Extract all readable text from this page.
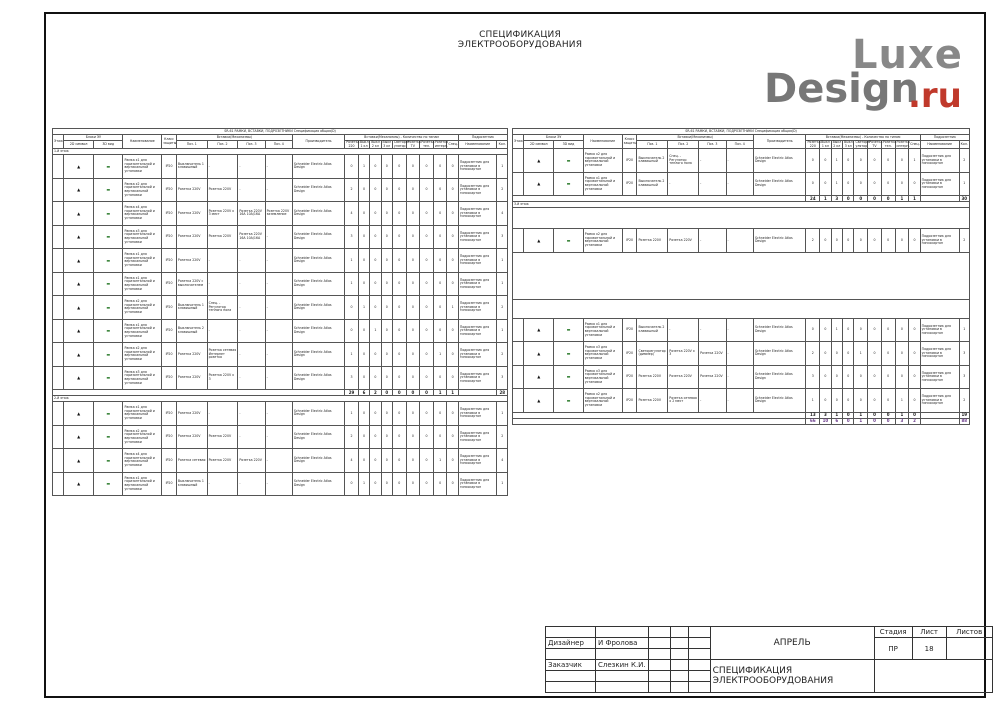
СПЕЦИФИКАЦИЯ
ЭЛЕКТРООБОРУДОВАНИЯ	Luxe
Design
.ru
SR-61 РАМКИ, ВСТАВКИ, ПОДРОЗЕТНИКИ Спецификация общая(D)																				
Этаж	Блоки ЭУ		Наименование	Класс защиты	Вставки(Механизмы)				Производитель	Вставки(Механизмы) - Количество по типам									Подрозетник	
	2D символ	3D вид			Поз. 1	Поз. 2	Поз. 3	Поз. 4		Розетка 220	Выкл 1 кл	Выкл 2 кл	Выкл 3 кл	Светорег улятор	Розетка TV	Розетка тел.	Розетка интерн.	Спец.	Наименование	Кол.
1-й этаж																				
	▲	▬	Рамка х1 для горизонтальной и вертикальной установки	IP20	Выключатель 1 клавишный	-	-	-	Schneider Electric Atlas Design	0	1	0	0	0	0	0	0	0	Подрозетник для установки в гипсокартон	1
	▲	▬	Рамка х2 для горизонтальной и вертикальной установки	IP20	Розетка 220V	Розетка 220V	-	-	Schneider Electric Atlas Design	2	0	0	0	0	0	0	0	0	Подрозетник для установки в гипсокартон	2
	▲	▬	Рамка х4 для горизонтальной и вертикальной установки	IP20	Розетка 220V	Розетка 220V х 3 мест	Розетка 220V 16А 10А/16А	Розетка 220V заземление	Schneider Electric Atlas Design	4	0	0	0	0	0	0	0	0	Подрозетник для установки в гипсокартон	4
	▲	▬	Рамка х3 для горизонтальной и вертикальной установки	IP20	Розетка 220V	Розетка 220V	Розетка 220V 16А 10А/16А	-	Schneider Electric Atlas Design	3	0	0	0	0	0	0	0	0	Подрозетник для установки в гипсокартон	3
	▲	▬	Рамка х1 для горизонтальной и вертикальной установки	IP20	Розетка 220V	-	-	-	Schneider Electric Atlas Design	1	0	0	0	0	0	0	0	0	Подрозетник для установки в гипсокартон	1
	▲	▬	Рамка х1 для горизонтальной и вертикальной установки	IP20	Розетка 220V с выключателем	-	-	-	Schneider Electric Atlas Design	1	0	0	0	0	0	0	0	0	Подрозетник для установки в гипсокартон	1
	▲	▬	Рамка х2 для горизонтальной и вертикальной установки	IP20	Выключатель 1 клавишный	Спец. - Регулятор теплого пола	-	-	Schneider Electric Atlas Design	0	1	0	0	0	0	0	0	1	Подрозетник для установки в гипсокартон	2
	▲	▬	Рамка х1 для горизонтальной и вертикальной установки	IP20	Выключатель 2 клавишный	-	-	-	Schneider Electric Atlas Design	0	0	1	0	0	0	0	0	0	Подрозетник для установки в гипсокартон	1
	▲	▬	Рамка х2 для горизонтальной и вертикальной установки	IP20	Розетка 220V	Розетка сетевая Интернет розетка	-	-	Schneider Electric Atlas Design	1	0	0	0	0	0	0	1	0	Подрозетник для установки в гипсокартон	2
	▲	▬	Рамка х3 для горизонтальной и вертикальной установки	IP20	Розетка 220V	Розетка 220V х 3	-	-	Schneider Electric Atlas Design	3	0	0	0	0	0	0	0	0	Подрозетник для установки в гипсокартон	3
										29	6	2	0	0	0	0	1	1		28
2-й этаж																				
	▲	▬	Рамка х1 для горизонтальной и вертикальной установки	IP20	Розетка 220V	-	-	-	Schneider Electric Atlas Design	1	0	0	0	0	0	0	0	0	Подрозетник для установки в гипсокартон	1
	▲	▬	Рамка х2 для горизонтальной и вертикальной установки	IP20	Розетка 220V	Розетка 220V	-	-	Schneider Electric Atlas Design	2	0	0	0	0	0	0	0	0	Подрозетник для установки в гипсокартон	2
	▲	▬	Рамка х4 для горизонтальной и вертикальной установки	IP20	Розетка сетевая	Розетка 220V	Розетка 220V	-	Schneider Electric Atlas Design	4	0	0	0	0	0	0	1	0	Подрозетник для установки в гипсокартон	4
	▲	▬	Рамка х1 для горизонтальной и вертикальной установки	IP20	Выключатель 1 клавишный	-	-	-	Schneider Electric Atlas Design	0	1	0	0	0	0	0	0	0	Подрозетник для установки в гипсокартон	1
SR-61 РАМКИ, ВСТАВКИ, ПОДРОЗЕТНИКИ Спецификация общая(D)																				
Этаж	Блоки ЭУ		Наименование	Класс защиты	Вставки(Механизмы)				Производитель	Вставки(Механизмы) - Количество по типам									Подрозетник	
	2D символ	3D вид			Поз. 1	Поз. 2	Поз. 3	Поз. 4		Розетка 220	Выкл 1 кл	Выкл 2 кл	Выкл 3 кл	Светорег улятор	Розетка TV	Розетка тел.	Розетка интерн.	Спец.	Наименование	Кол.
	▲	▬	Рамка х2 для горизонтальной и вертикальной установки	IP20	Выключатель 2 клавишный	Спец. - Регулятор теплого пола	-	-	Schneider Electric Atlas Design	0	0	1	0	0	0	0	0	1	Подрозетник для установки в гипсокартон	2
	▲	▬	Рамка х1 для горизонтальной и вертикальной установки	IP20	Выключатель 2 клавишный	-	-	-	Schneider Electric Atlas Design	0	0	1	0	0	0	0	0	0	Подрозетник для установки в гипсокартон	1
										24	1	3	0	0	0	0	1	1		30
3-й этаж																				

	▲	▬	Рамка х2 для горизонтальной и вертикальной установки	IP20	Розетка 220V	Розетка 220V	-	-	Schneider Electric Atlas Design	2	0	0	0	0	0	0	0	0	Подрозетник для установки в гипсокартон	2

	▲	▬	Рамка х1 для горизонтальной и вертикальной установки	IP20	Выключатель 2 клавишный	-	-	-	Schneider Electric Atlas Design	0	0	1	0	0	0	0	0	0	Подрозетник для установки в гипсокартон	1
	▲	▬	Рамка х3 для горизонтальной и вертикальной установки	IP20	Светорегулятор (диммер)	Розетка 220V х 3	Розетка 220V	-	Schneider Electric Atlas Design	2	0	0	0	1	0	0	0	0	Подрозетник для установки в гипсокартон	3
	▲	▬	Рамка х3 для горизонтальной и вертикальной установки	IP20	Розетка 220V	Розетка 220V	Розетка 220V	-	Schneider Electric Atlas Design	3	0	0	0	0	0	0	0	0	Подрозетник для установки в гипсокартон	3
	▲	▬	Рамка х2 для горизонтальной и вертикальной установки	IP20	Розетка 220V	Розетка сетевая х 2 мест	-	-	Schneider Electric Atlas Design	1	0	0	0	0	0	0	1	0	Подрозетник для установки в гипсокартон	2
										13	3	1	0	1	0	0	1	0		19
										66	10	6	0	1	0	0	3	2		88
					АПРЕЛЬ	Стадия	Лист	Листов
Дизайнер	И Фролова					ПР	18	

Заказчик	Слезкин К.И.				СПЕЦИФИКАЦИЯ
ЭЛЕКТРООБОРУДОВАНИЯ			
